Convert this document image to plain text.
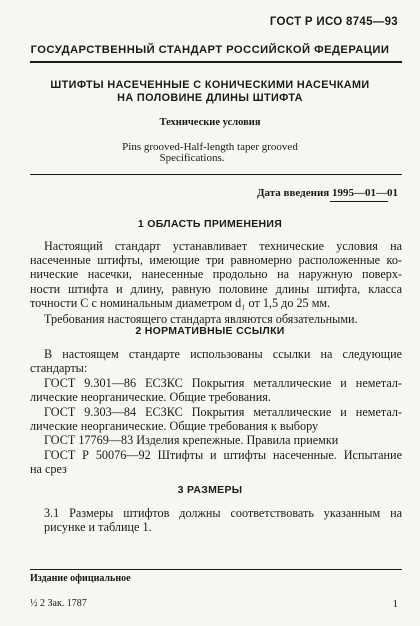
ГОСТ Р ИСО 8745—93
ГОСУДАРСТВЕННЫЙ СТАНДАРТ РОССИЙСКОЙ ФЕДЕРАЦИИ
ШТИФТЫ НАСЕЧЕННЫЕ С КОНИЧЕСКИМИ НАСЕЧКАМИ
НА ПОЛОВИНЕ ДЛИНЫ ШТИФТА
Технические условия
Pins grooved-Half-length taper grooved
Specifications.
Дата введения 1995—01—01
1 ОБЛАСТЬ ПРИМЕНЕНИЯ
Настоящий стандарт устанавливает технические условия на
насеченные штифты, имеющие три равномерно расположенные ко-
нические насечки, нанесенные продольно на наружную поверх-
ности штифта и длину, равную половине длины штифта, класса
точности С с номинальным диаметром d₁ от 1,5 до 25 мм.
Требования настоящего стандарта являются обязательными.
2 НОРМАТИВНЫЕ ССЫЛКИ
В настоящем стандарте использованы ссылки на следующие
стандарты:
ГОСТ 9.301—86 ЕСЗКС Покрытия металлические и неметал-
лические неорганические. Общие требования.
ГОСТ 9.303—84 ЕСЗКС Покрытия металлические и неметал-
лические неорганические. Общие требования к выбору
ГОСТ 17769—83 Изделия крепежные. Правила приемки
ГОСТ Р 50076—92 Штифты и штифты насеченные. Испытание
на срез
3 РАЗМЕРЫ
3.1 Размеры штифтов должны соответствовать указанным на
рисунке и таблице 1.
Издание официальное
½ 2 Зак. 1787	1
